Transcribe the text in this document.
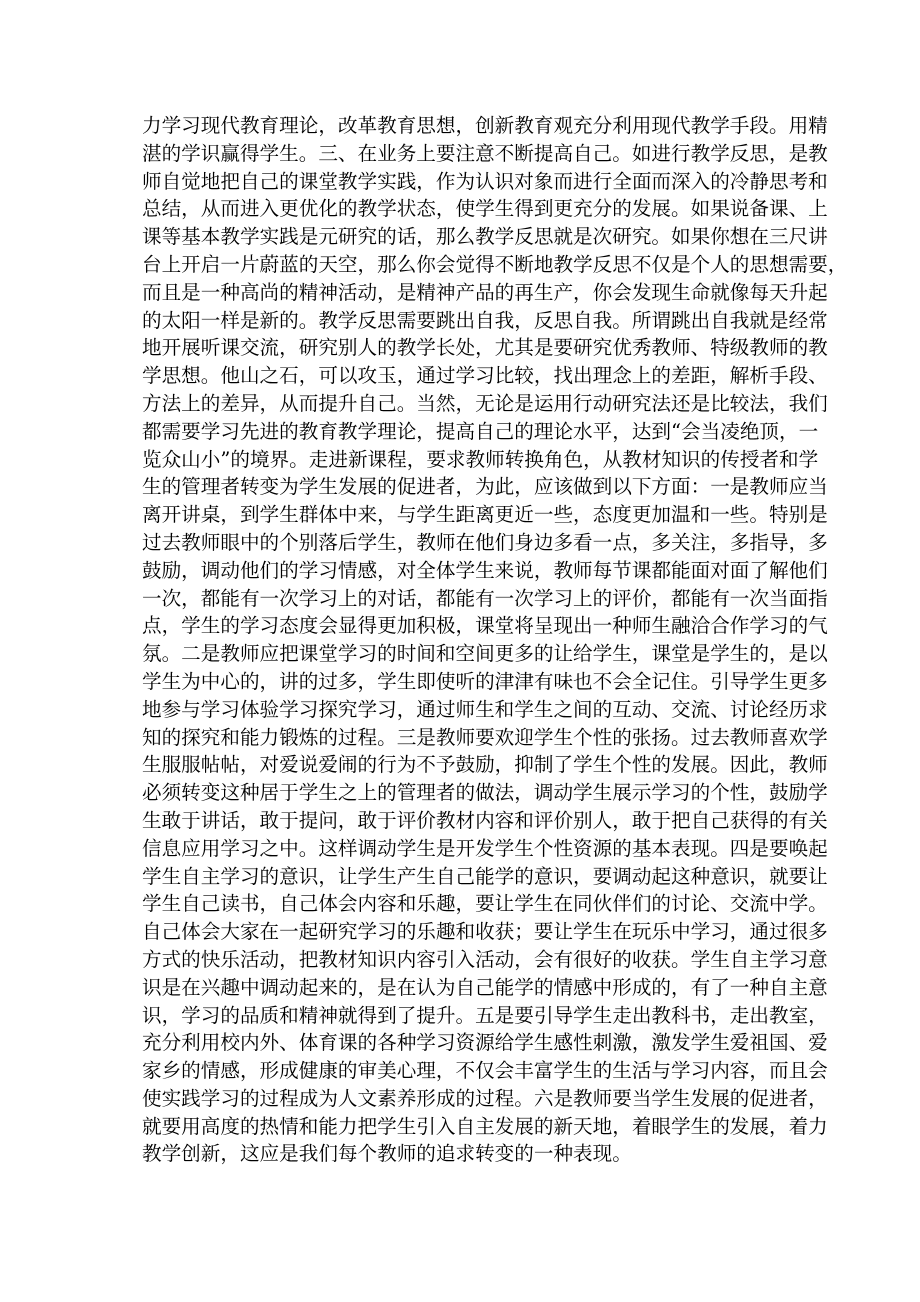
力学习现代教育理论，改革教育思想，创新教育观充分利用现代教学手段。用精
湛的学识赢得学生。三、在业务上要注意不断提高自己。如进行教学反思，是教
师自觉地把自己的课堂教学实践，作为认识对象而进行全面而深入的冷静思考和
总结，从而进入更优化的教学状态，使学生得到更充分的发展。如果说备课、上
课等基本教学实践是元研究的话，那么教学反思就是次研究。如果你想在三尺讲
台上开启一片蔚蓝的天空，那么你会觉得不断地教学反思不仅是个人的思想需要，
而且是一种高尚的精神活动，是精神产品的再生产，你会发现生命就像每天升起
的太阳一样是新的。教学反思需要跳出自我，反思自我。所谓跳出自我就是经常
地开展听课交流，研究别人的教学长处，尤其是要研究优秀教师、特级教师的教
学思想。他山之石，可以攻玉，通过学习比较，找出理念上的差距，解析手段、
方法上的差异，从而提升自己。当然，无论是运用行动研究法还是比较法，我们
都需要学习先进的教育教学理论，提高自己的理论水平，达到“会当凌绝顶，一
览众山小”的境界。走进新课程，要求教师转换角色，从教材知识的传授者和学
生的管理者转变为学生发展的促进者，为此，应该做到以下方面：一是教师应当
离开讲桌，到学生群体中来，与学生距离更近一些，态度更加温和一些。特别是
过去教师眼中的个别落后学生，教师在他们身边多看一点，多关注，多指导，多
鼓励，调动他们的学习情感，对全体学生来说，教师每节课都能面对面了解他们
一次，都能有一次学习上的对话，都能有一次学习上的评价，都能有一次当面指
点，学生的学习态度会显得更加积极，课堂将呈现出一种师生融洽合作学习的气
氛。二是教师应把课堂学习的时间和空间更多的让给学生，课堂是学生的，是以
学生为中心的，讲的过多，学生即使听的津津有味也不会全记住。引导学生更多
地参与学习体验学习探究学习，通过师生和学生之间的互动、交流、讨论经历求
知的探究和能力锻炼的过程。三是教师要欢迎学生个性的张扬。过去教师喜欢学
生服服帖帖，对爱说爱闹的行为不予鼓励，抑制了学生个性的发展。因此，教师
必须转变这种居于学生之上的管理者的做法，调动学生展示学习的个性，鼓励学
生敢于讲话，敢于提问，敢于评价教材内容和评价别人，敢于把自己获得的有关
信息应用学习之中。这样调动学生是开发学生个性资源的基本表现。四是要唤起
学生自主学习的意识，让学生产生自己能学的意识，要调动起这种意识，就要让
学生自己读书，自己体会内容和乐趣，要让学生在同伙伴们的讨论、交流中学。
自己体会大家在一起研究学习的乐趣和收获；要让学生在玩乐中学习，通过很多
方式的快乐活动，把教材知识内容引入活动，会有很好的收获。学生自主学习意
识是在兴趣中调动起来的，是在认为自己能学的情感中形成的，有了一种自主意
识，学习的品质和精神就得到了提升。五是要引导学生走出教科书，走出教室，
充分利用校内外、体育课的各种学习资源给学生感性刺激，激发学生爱祖国、爱
家乡的情感，形成健康的审美心理，不仅会丰富学生的生活与学习内容，而且会
使实践学习的过程成为人文素养形成的过程。六是教师要当学生发展的促进者，
就要用高度的热情和能力把学生引入自主发展的新天地，着眼学生的发展，着力
教学创新，这应是我们每个教师的追求转变的一种表现。
